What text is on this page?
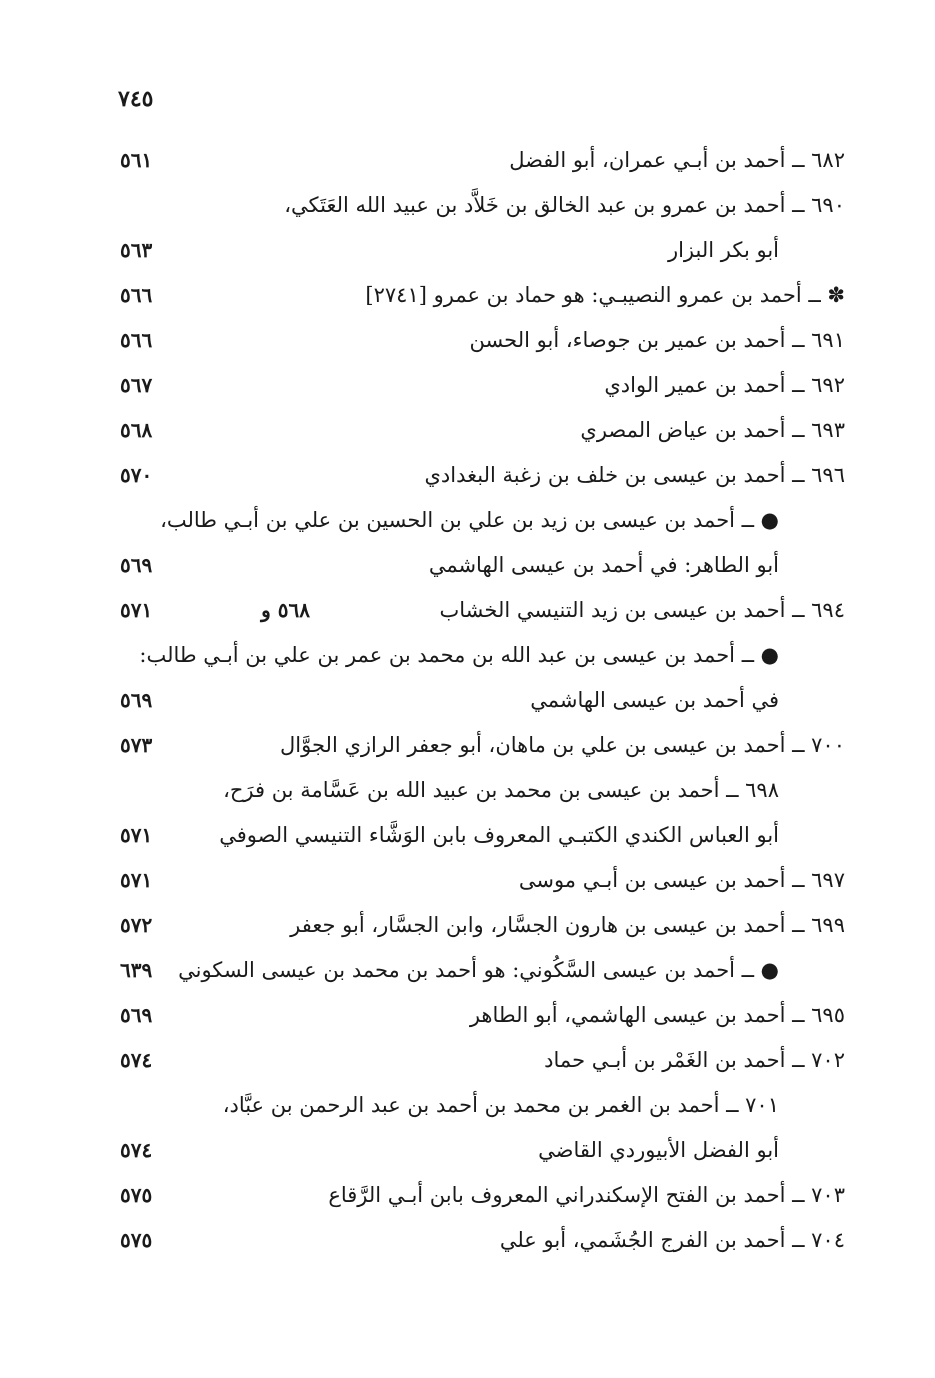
٧٤٥
٦٨٢ ــ أحمد بن أبـي عمران، أبو الفضل
٥٦١
٦٩٠ ــ أحمد بن عمرو بن عبد الخالق بن خَلاَّد بن عبيد الله العَتَكي،
أبو بكر البزار
٥٦٣
✽ ــ أحمد بن عمرو النصيبـي: هو حماد بن عمرو [٢٧٤١]
٥٦٦
٦٩١ ــ أحمد بن عمير بن جوصاء، أبو الحسن
٥٦٦
٦٩٢ ــ أحمد بن عمير الوادي
٥٦٧
٦٩٣ ــ أحمد بن عياض المصري
٥٦٨
٦٩٦ ــ أحمد بن عيسى بن خلف بن زغبة البغدادي
٥٧٠
● ــ أحمد بن عيسى بن زيد بن علي بن الحسين بن علي بن أبـي طالب،
أبو الطاهر: في أحمد بن عيسى الهاشمي
٥٦٩
٦٩٤ ــ أحمد بن عيسى بن زيد التنيسي الخشاب
٥٧١	٥٦٨ و
● ــ أحمد بن عيسى بن عبد الله بن محمد بن عمر بن علي بن أبـي طالب:
في أحمد بن عيسى الهاشمي
٥٦٩
٧٠٠ ــ أحمد بن عيسى بن علي بن ماهان، أبو جعفر الرازي الجوَّال
٥٧٣
٦٩٨ ــ أحمد بن عيسى بن محمد بن عبيد الله بن عَسَّامة بن فرَح،
أبو العباس الكندي الكتبـي المعروف بابن الوَشَّاء التنيسي الصوفي
٥٧١
٦٩٧ ــ أحمد بن عيسى بن أبـي موسى
٥٧١
٦٩٩ ــ أحمد بن عيسى بن هارون الجسَّار، وابن الجسَّار، أبو جعفر
٥٧٢
● ــ أحمد بن عيسى السَّكُوني: هو أحمد بن محمد بن عيسى السكوني
٦٣٩
٦٩٥ ــ أحمد بن عيسى الهاشمي، أبو الطاهر
٥٦٩
٧٠٢ ــ أحمد بن الغَمْر بن أبـي حماد
٥٧٤
٧٠١ ــ أحمد بن الغمر بن محمد بن أحمد بن عبد الرحمن بن عبَّاد،
أبو الفضل الأبيوردي القاضي
٥٧٤
٧٠٣ ــ أحمد بن الفتح الإسكندراني المعروف بابن أبـي الرَّقاع
٥٧٥
٧٠٤ ــ أحمد بن الفرج الجُشَمي، أبو علي
٥٧٥
